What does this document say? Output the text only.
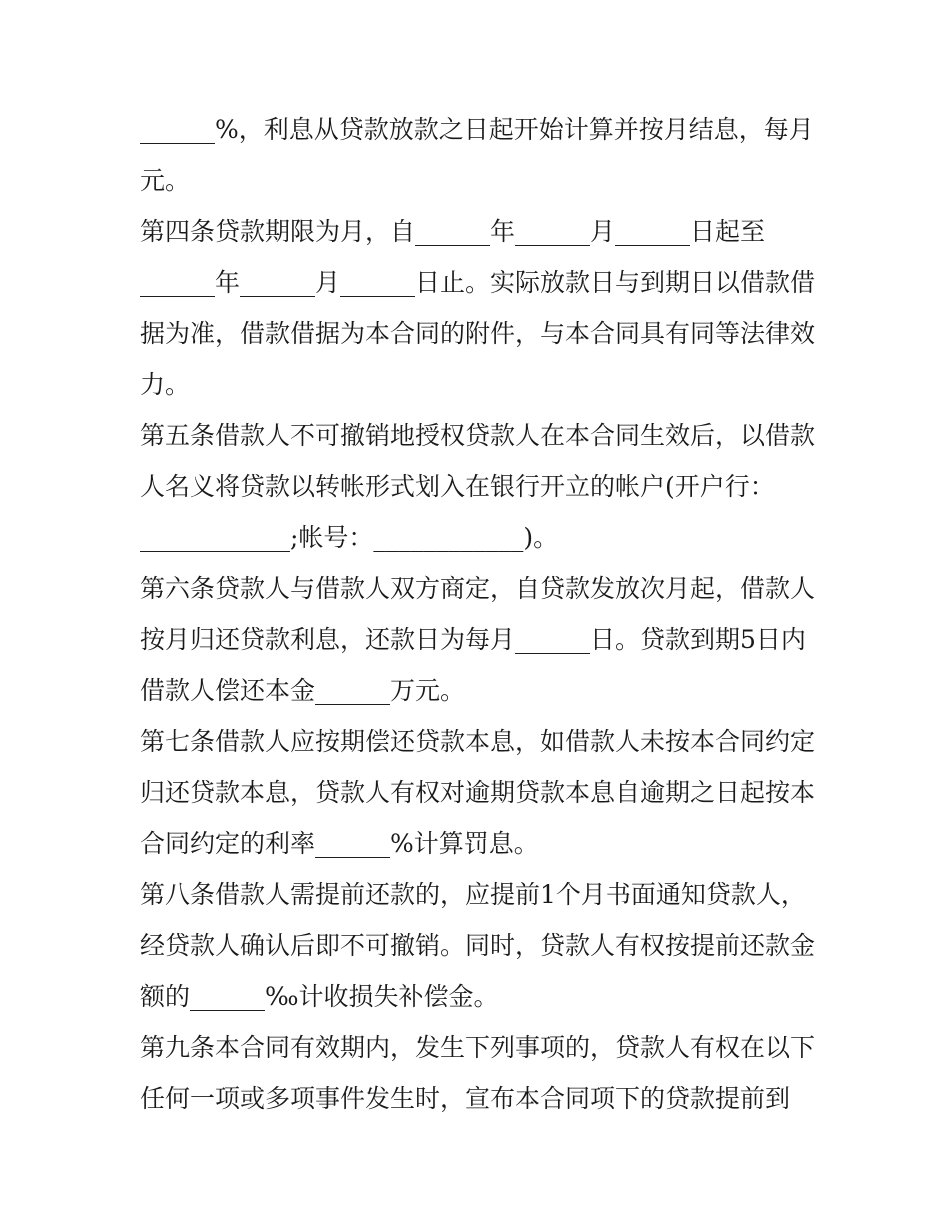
______%，利息从贷款放款之日起开始计算并按月结息，每月
元。
第四条贷款期限为月，自______年______月______日起至
______年______月______日止。实际放款日与到期日以借款借
据为准，借款借据为本合同的附件，与本合同具有同等法律效
力。
第五条借款人不可撤销地授权贷款人在本合同生效后，以借款
人名义将贷款以转帐形式划入在银行开立的帐户(开户行：
____________;帐号：____________)。
第六条贷款人与借款人双方商定，自贷款发放次月起，借款人
按月归还贷款利息，还款日为每月______日。贷款到期5日内
借款人偿还本金______万元。
第七条借款人应按期偿还贷款本息，如借款人未按本合同约定
归还贷款本息，贷款人有权对逾期贷款本息自逾期之日起按本
合同约定的利率______%计算罚息。
第八条借款人需提前还款的，应提前1个月书面通知贷款人，
经贷款人确认后即不可撤销。同时，贷款人有权按提前还款金
额的______‰计收损失补偿金。
第九条本合同有效期内，发生下列事项的，贷款人有权在以下
任何一项或多项事件发生时，宣布本合同项下的贷款提前到
